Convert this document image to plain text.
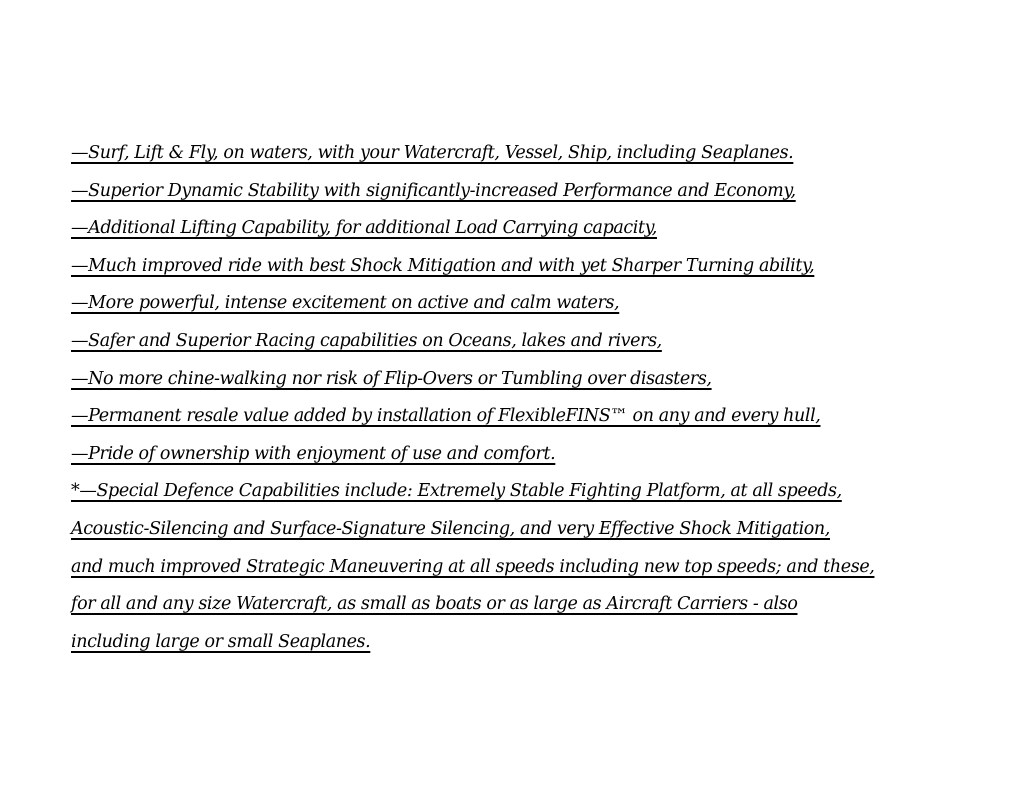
—Surf, Lift & Fly, on waters, with your Watercraft, Vessel, Ship, including Seaplanes.
—Superior Dynamic Stability with significantly-increased Performance and Economy,
—Additional Lifting Capability, for additional Load Carrying capacity,
—Much improved ride with best Shock Mitigation and with yet Sharper Turning ability,
—More powerful, intense excitement on active and calm waters,
—Safer and Superior Racing capabilities on Oceans, lakes and rivers,
—No more chine-walking nor risk of Flip-Overs or Tumbling over disasters,
—Permanent resale value added by installation of FlexibleFINS™ on any and every hull,
—Pride of ownership with enjoyment of use and comfort.
*—Special Defence Capabilities include: Extremely Stable Fighting Platform, at all speeds,
Acoustic-Silencing and Surface-Signature Silencing, and very Effective Shock Mitigation,
and much improved Strategic Maneuvering at all speeds including new top speeds; and these,
for all and any size Watercraft, as small as boats or as large as Aircraft Carriers - also
including large or small Seaplanes.
